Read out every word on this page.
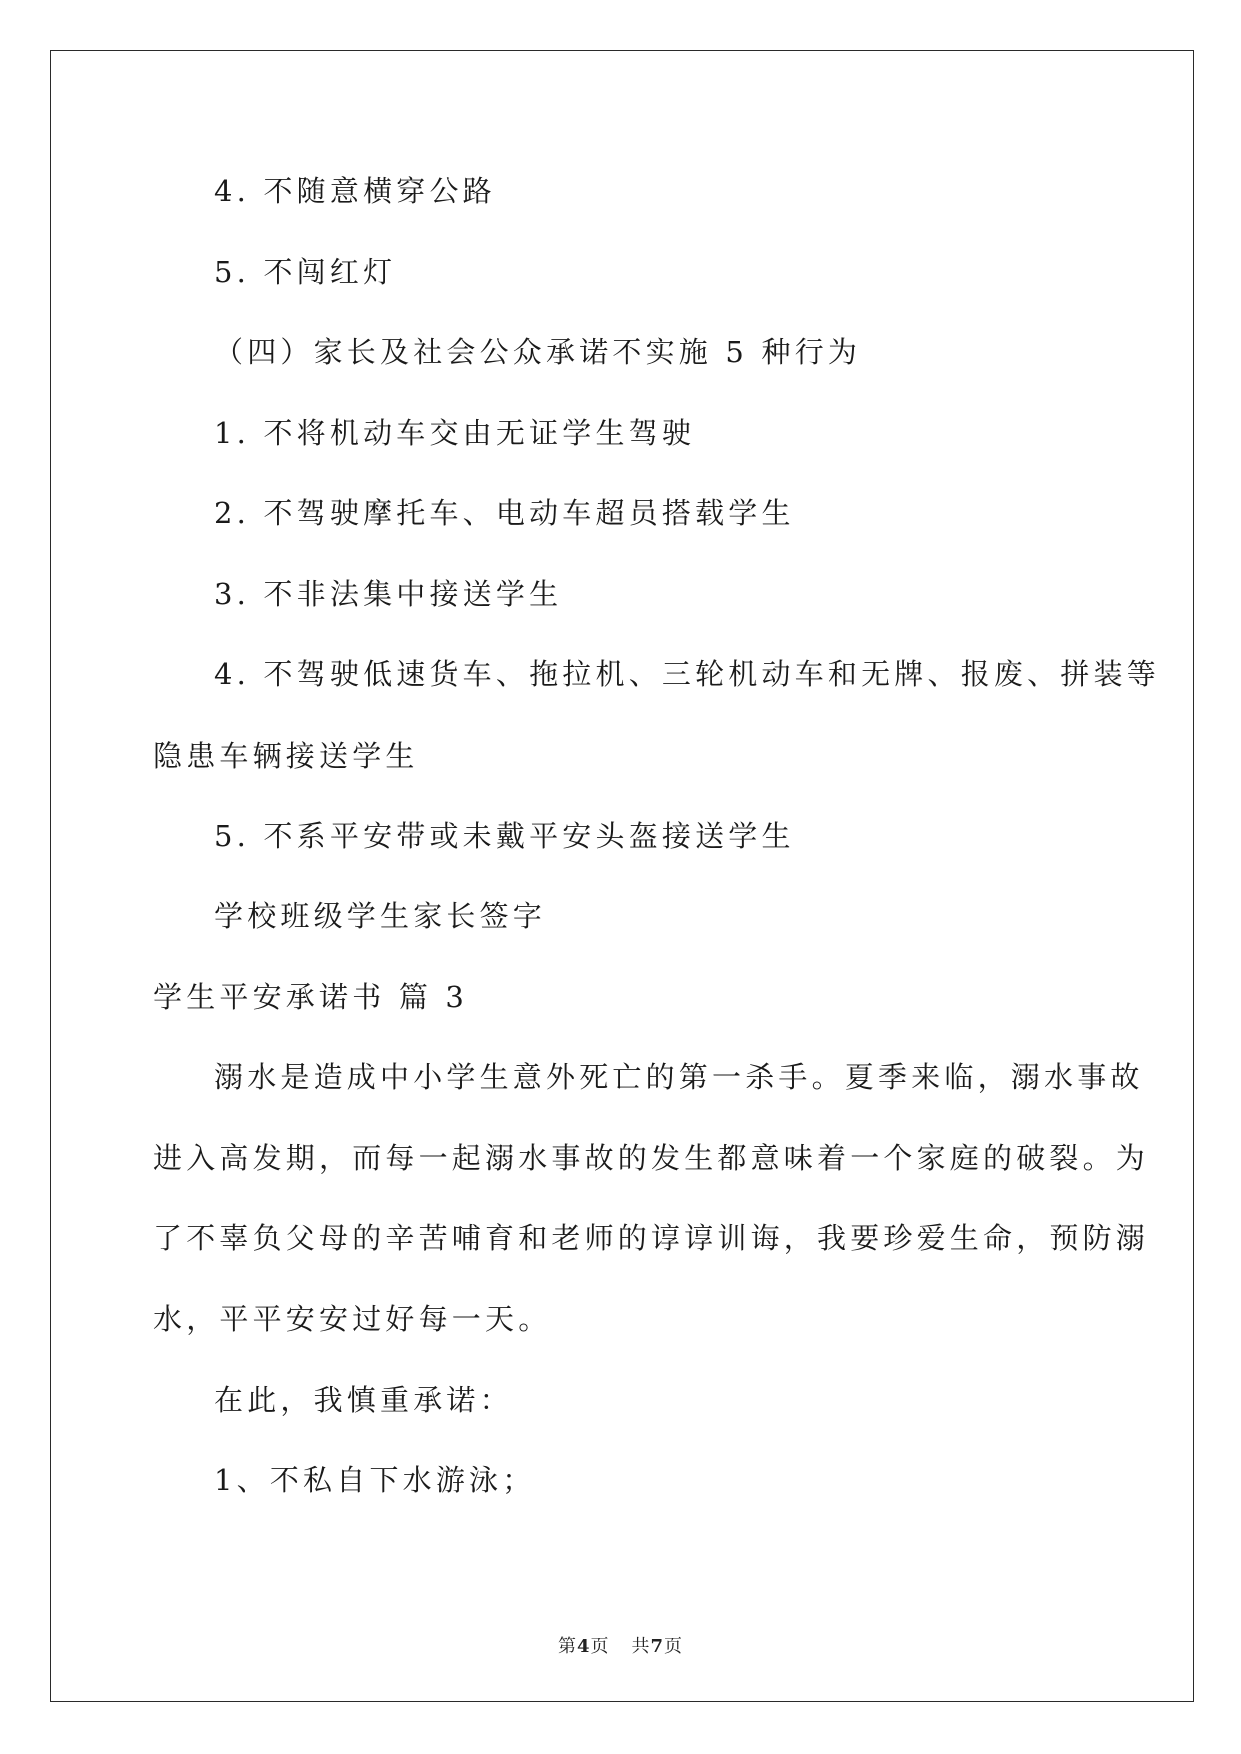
4. 不随意横穿公路
5. 不闯红灯
（四）家长及社会公众承诺不实施 5 种行为
1. 不将机动车交由无证学生驾驶
2. 不驾驶摩托车、电动车超员搭载学生
3. 不非法集中接送学生
4. 不驾驶低速货车、拖拉机、三轮机动车和无牌、报废、拼装等
隐患车辆接送学生
5. 不系平安带或未戴平安头盔接送学生
学校班级学生家长签字
学生平安承诺书 篇 3
溺水是造成中小学生意外死亡的第一杀手。夏季来临，溺水事故
进入高发期，而每一起溺水事故的发生都意味着一个家庭的破裂。为
了不辜负父母的辛苦哺育和老师的谆谆训诲，我要珍爱生命，预防溺
水，平平安安过好每一天。
在此，我慎重承诺：
1、不私自下水游泳；
第4页 共7页
